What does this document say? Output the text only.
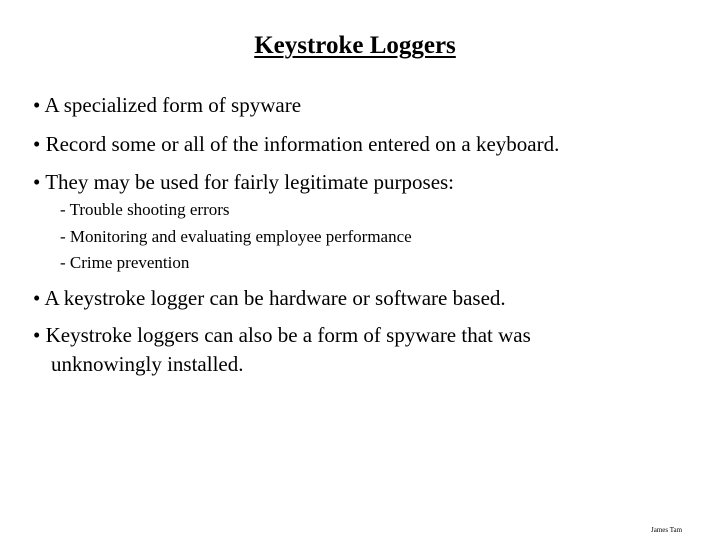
Keystroke Loggers
• A specialized form of spyware
• Record some or all of the information entered on a keyboard.
• They may be used for fairly legitimate purposes:
- Trouble shooting errors
- Monitoring and evaluating employee performance
- Crime prevention
• A keystroke logger can be hardware or software based.
• Keystroke loggers can also be a form of spyware that was
unknowingly installed.
James Tam
